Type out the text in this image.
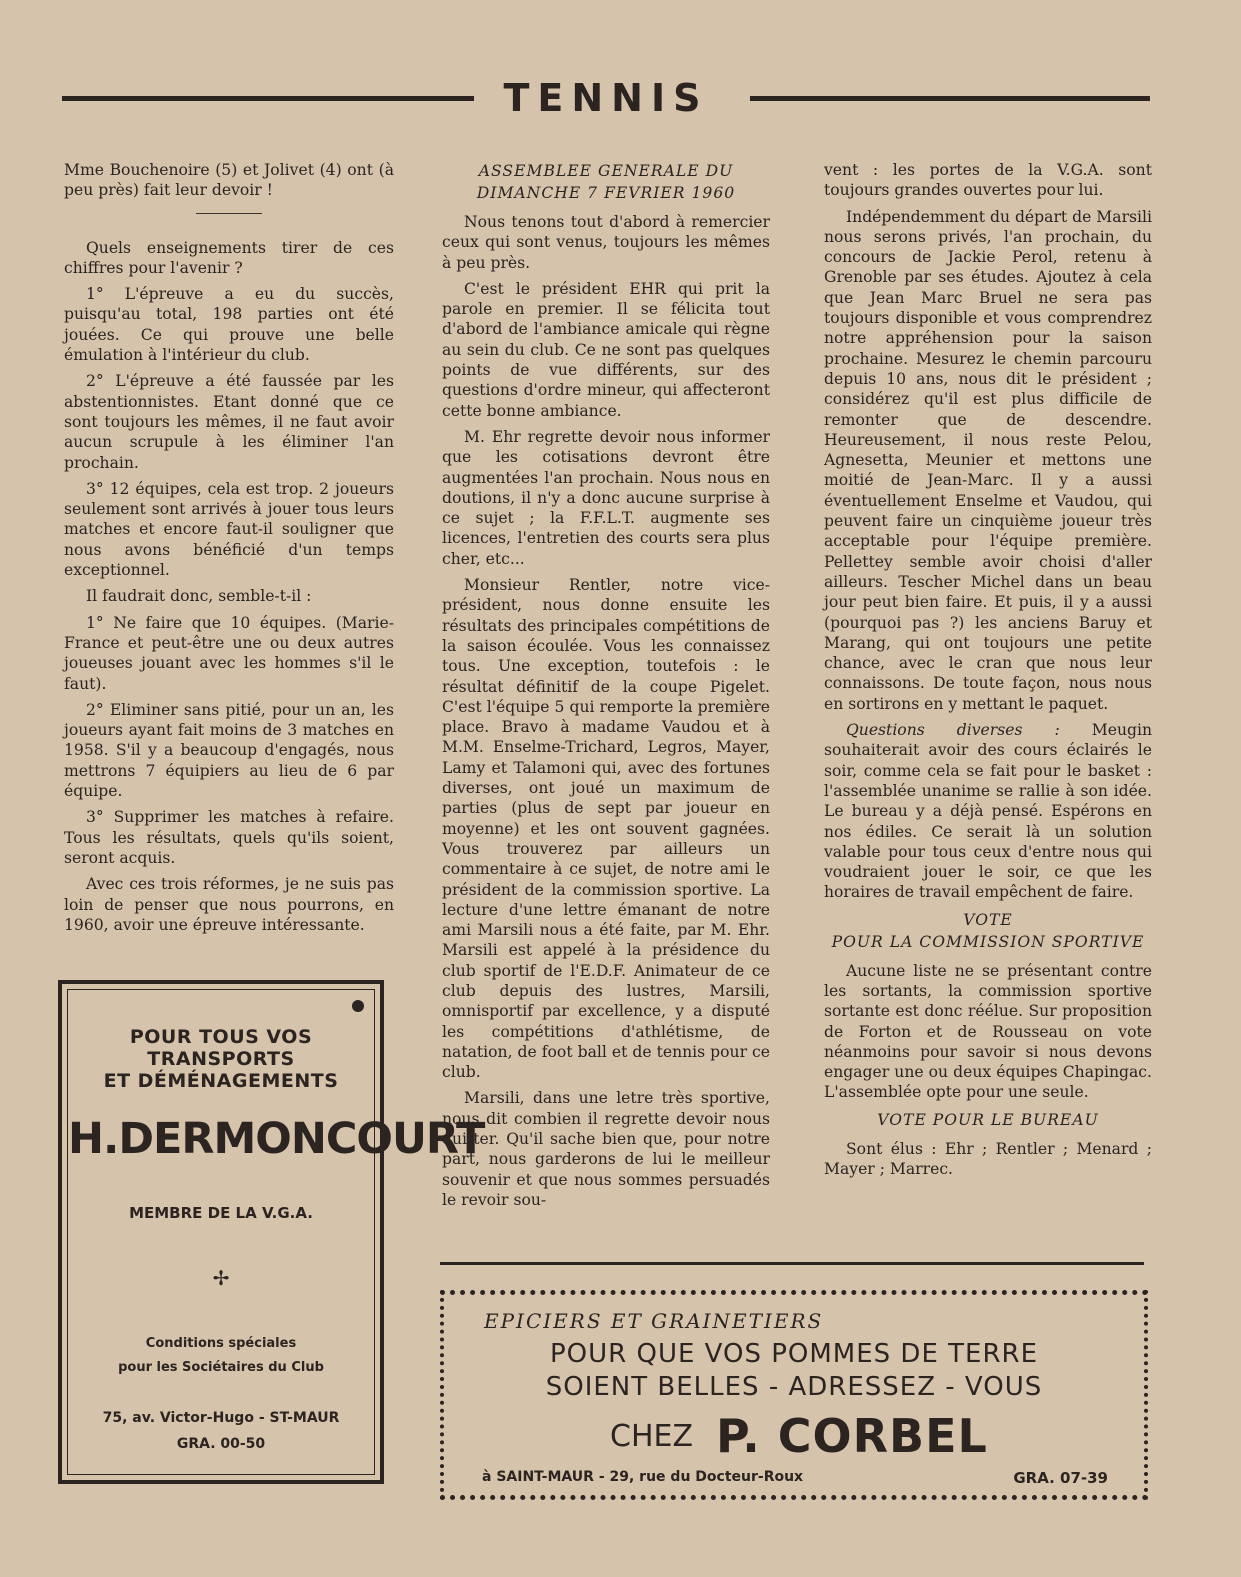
TENNIS

Mme Bouchenoire (5) et Jolivet (4) ont (à peu près) fait leur devoir !

Quels enseignements tirer de ces chiffres pour l'avenir ?

1° L'épreuve a eu du succès, puisqu'au total, 198 parties ont été jouées. Ce qui prouve une belle émulation à l'intérieur du club.

2° L'épreuve a été faussée par les abstentionnistes. Etant donné que ce sont toujours les mêmes, il ne faut avoir aucun scrupule à les éliminer l'an prochain.

3° 12 équipes, cela est trop. 2 joueurs seulement sont arrivés à jouer tous leurs matches et encore faut-il souligner que nous avons bénéficié d'un temps exceptionnel.

Il faudrait donc, semble-t-il :

1° Ne faire que 10 équipes. (Marie-France et peut-être une ou deux autres joueuses jouant avec les hommes s'il le faut).

2° Eliminer sans pitié, pour un an, les joueurs ayant fait moins de 3 matches en 1958. S'il y a beaucoup d'engagés, nous mettrons 7 équipiers au lieu de 6 par équipe.

3° Supprimer les matches à refaire. Tous les résultats, quels qu'ils soient, seront acquis.

Avec ces trois réformes, je ne suis pas loin de penser que nous pourrons, en 1960, avoir une épreuve intéressante.

ASSEMBLEE GENERALE DU
DIMANCHE 7 FEVRIER 1960

Nous tenons tout d'abord à remercier ceux qui sont venus, toujours les mêmes à peu près.

C'est le président EHR qui prit la parole en premier. Il se félicita tout d'abord de l'ambiance amicale qui règne au sein du club. Ce ne sont pas quelques points de vue différents, sur des questions d'ordre mineur, qui affecteront cette bonne ambiance.

M. Ehr regrette devoir nous informer que les cotisations devront être augmentées l'an prochain. Nous nous en doutions, il n'y a donc aucune surprise à ce sujet ; la F.F.L.T. augmente ses licences, l'entretien des courts sera plus cher, etc...

Monsieur Rentler, notre vice-président, nous donne ensuite les résultats des principales compétitions de la saison écoulée. Vous les connaissez tous. Une exception, toutefois : le résultat définitif de la coupe Pigelet. C'est l'équipe 5 qui remporte la première place. Bravo à madame Vaudou et à M.M. Enselme-Trichard, Legros, Mayer, Lamy et Talamoni qui, avec des fortunes diverses, ont joué un maximum de parties (plus de sept par joueur en moyenne) et les ont souvent gagnées. Vous trouverez par ailleurs un commentaire à ce sujet, de notre ami le président de la commission sportive. La lecture d'une lettre émanant de notre ami Marsili nous a été faite, par M. Ehr. Marsili est appelé à la présidence du club sportif de l'E.D.F. Animateur de ce club depuis des lustres, Marsili, omnisportif par excellence, y a disputé les compétitions d'athlétisme, de natation, de foot ball et de tennis pour ce club.

Marsili, dans une letre très sportive, nous dit combien il regrette devoir nous quitter. Qu'il sache bien que, pour notre part, nous garderons de lui le meilleur souvenir et que nous sommes persuadés le revoir sou-

vent : les portes de la V.G.A. sont toujours grandes ouvertes pour lui.

Indépendemment du départ de Marsili nous serons privés, l'an prochain, du concours de Jackie Perol, retenu à Grenoble par ses études. Ajoutez à cela que Jean Marc Bruel ne sera pas toujours disponible et vous comprendrez notre appréhension pour la saison prochaine. Mesurez le chemin parcouru depuis 10 ans, nous dit le président ; considérez qu'il est plus difficile de remonter que de descendre. Heureusement, il nous reste Pelou, Agnesetta, Meunier et mettons une moitié de Jean-Marc. Il y a aussi éventuellement Enselme et Vaudou, qui peuvent faire un cinquième joueur très acceptable pour l'équipe première. Pellettey semble avoir choisi d'aller ailleurs. Tescher Michel dans un beau jour peut bien faire. Et puis, il y a aussi (pourquoi pas ?) les anciens Baruy et Marang, qui ont toujours une petite chance, avec le cran que nous leur connaissons. De toute façon, nous nous en sortirons en y mettant le paquet.

Questions diverses : Meugin souhaiterait avoir des cours éclairés le soir, comme cela se fait pour le basket : l'assemblée unanime se rallie à son idée. Le bureau y a déjà pensé. Espérons en nos édiles. Ce serait là un solution valable pour tous ceux d'entre nous qui voudraient jouer le soir, ce que les horaires de travail empêchent de faire.

VOTE
POUR LA COMMISSION SPORTIVE

Aucune liste ne se présentant contre les sortants, la commission sportive sortante est donc réélue. Sur proposition de Forton et de Rousseau on vote néanmoins pour savoir si nous devons engager une ou deux équipes Chapingac. L'assemblée opte pour une seule.

VOTE POUR LE BUREAU

Sont élus : Ehr ; Rentler ; Menard ; Mayer ; Marrec.

POUR TOUS VOS TRANSPORTS
ET DÉMÉNAGEMENTS
H.DERMONCOURT
MEMBRE DE LA V.G.A.
✢
Conditions spéciales
pour les Sociétaires du Club
75, av. Victor-Hugo - ST-MAUR
GRA. 00-50
EPICIERS ET GRAINETIERS
POUR QUE VOS POMMES DE TERRE
SOIENT BELLES - ADRESSEZ - VOUS
CHEZ P. CORBEL
à SAINT-MAUR - 29, rue du Docteur-Roux	GRA. 07-39
